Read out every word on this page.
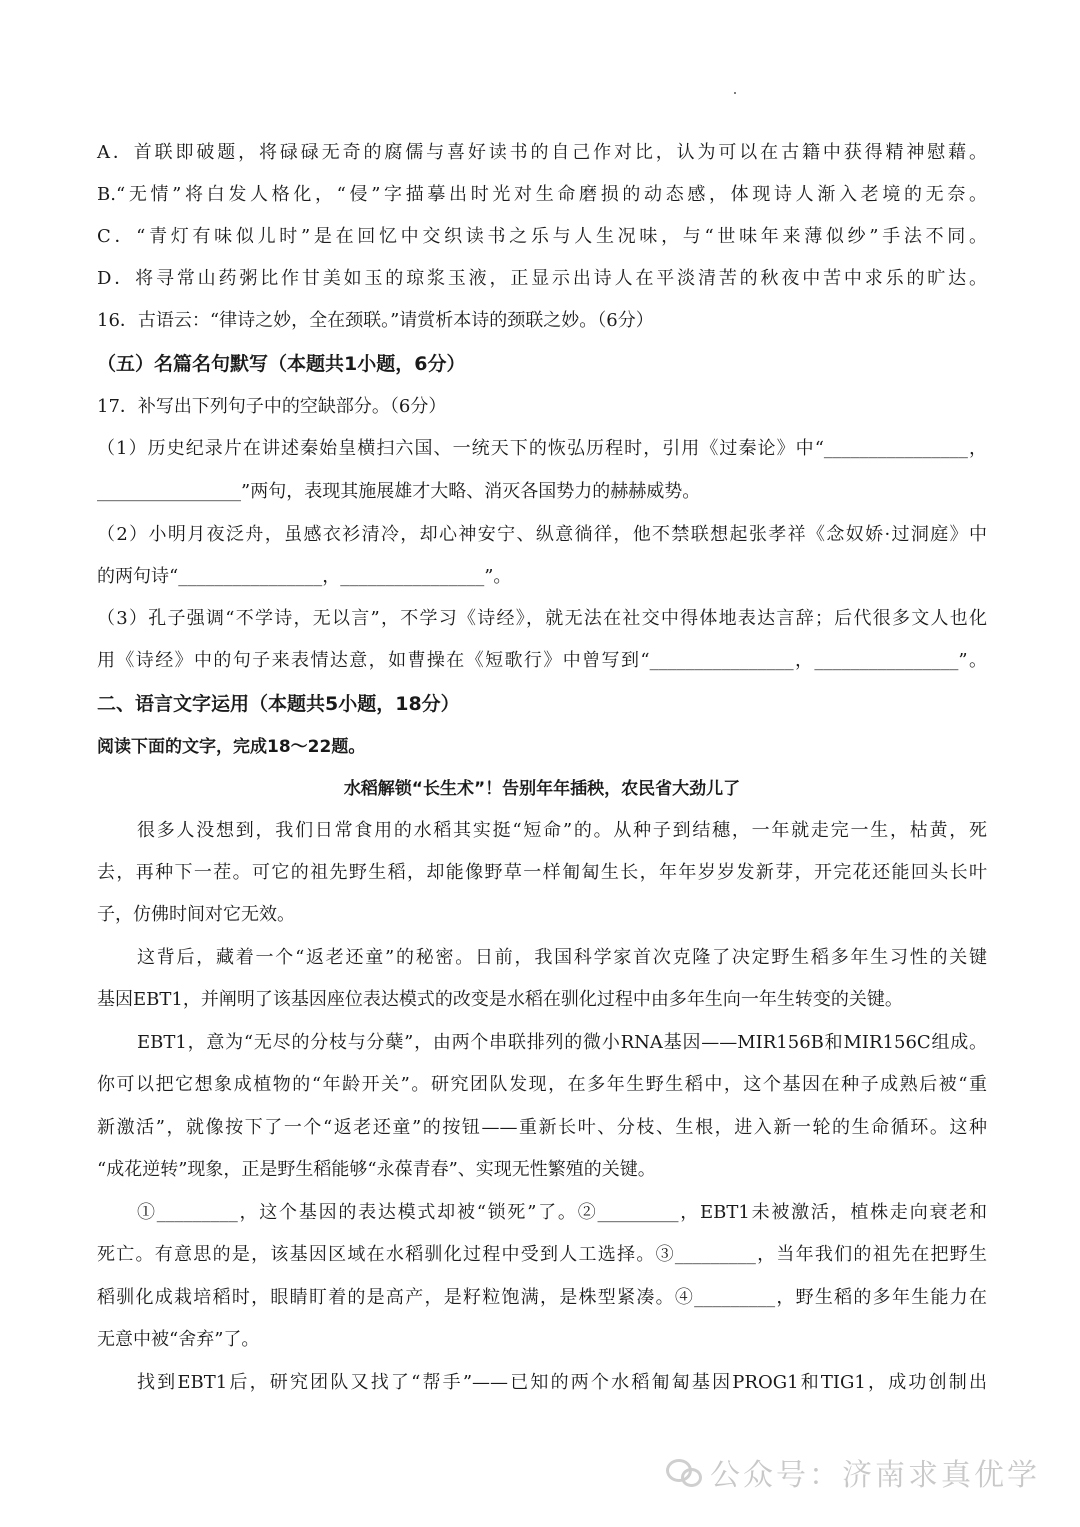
A．首联即破题，将碌碌无奇的腐儒与喜好读书的自己作对比，认为可以在古籍中获得精神慰藉。
B.“无情”将白发人格化，“侵”字描摹出时光对生命磨损的动态感，体现诗人渐入老境的无奈。
C．“青灯有味似儿时”是在回忆中交织读书之乐与人生况味，与“世味年来薄似纱”手法不同。
D．将寻常山药粥比作甘美如玉的琼浆玉液，正显示出诗人在平淡清苦的秋夜中苦中求乐的旷达。
16．古语云：“律诗之妙，全在颈联。”请赏析本诗的颈联之妙。（6分）
（五）名篇名句默写（本题共1小题，6分）
17．补写出下列句子中的空缺部分。（6分）
（1）历史纪录片在讲述秦始皇横扫六国、一统天下的恢弘历程时，引用《过秦论》中“________________，
________________”两句，表现其施展雄才大略、消灭各国势力的赫赫威势。
（2）小明月夜泛舟，虽感衣衫清冷，却心神安宁、纵意徜徉，他不禁联想起张孝祥《念奴娇·过洞庭》中
的两句诗“________________，________________”。
（3）孔子强调“不学诗，无以言”，不学习《诗经》，就无法在社交中得体地表达言辞；后代很多文人也化
用《诗经》中的句子来表情达意，如曹操在《短歌行》中曾写到“________________，________________”。
二、语言文字运用（本题共5小题，18分）
阅读下面的文字，完成18～22题。
水稻解锁“长生术”！告别年年插秧，农民省大劲儿了
很多人没想到，我们日常食用的水稻其实挺“短命”的。从种子到结穗，一年就走完一生，枯黄，死
去，再种下一茬。可它的祖先野生稻，却能像野草一样匍匐生长，年年岁岁发新芽，开完花还能回头长叶
子，仿佛时间对它无效。
这背后，藏着一个“返老还童”的秘密。日前，我国科学家首次克隆了决定野生稻多年生习性的关键
基因EBT1，并阐明了该基因座位表达模式的改变是水稻在驯化过程中由多年生向一年生转变的关键。
EBT1，意为“无尽的分枝与分蘖”，由两个串联排列的微小RNA基因——MIR156B和MIR156C组成。
你可以把它想象成植物的“年龄开关”。研究团队发现，在多年生野生稻中，这个基因在种子成熟后被“重
新激活”，就像按下了一个“返老还童”的按钮——重新长叶、分枝、生根，进入新一轮的生命循环。这种
“成花逆转”现象，正是野生稻能够“永葆青春”、实现无性繁殖的关键。
①_________，这个基因的表达模式却被“锁死”了。②_________，EBT1未被激活，植株走向衰老和
死亡。有意思的是，该基因区域在水稻驯化过程中受到人工选择。③_________，当年我们的祖先在把野生
稻驯化成栽培稻时，眼睛盯着的是高产，是籽粒饱满，是株型紧凑。④_________，野生稻的多年生能力在
无意中被“舍弃”了。
找到EBT1后，研究团队又找了“帮手”——已知的两个水稻匍匐基因PROG1和TIG1，成功创制出
公众号：济南求真优学
